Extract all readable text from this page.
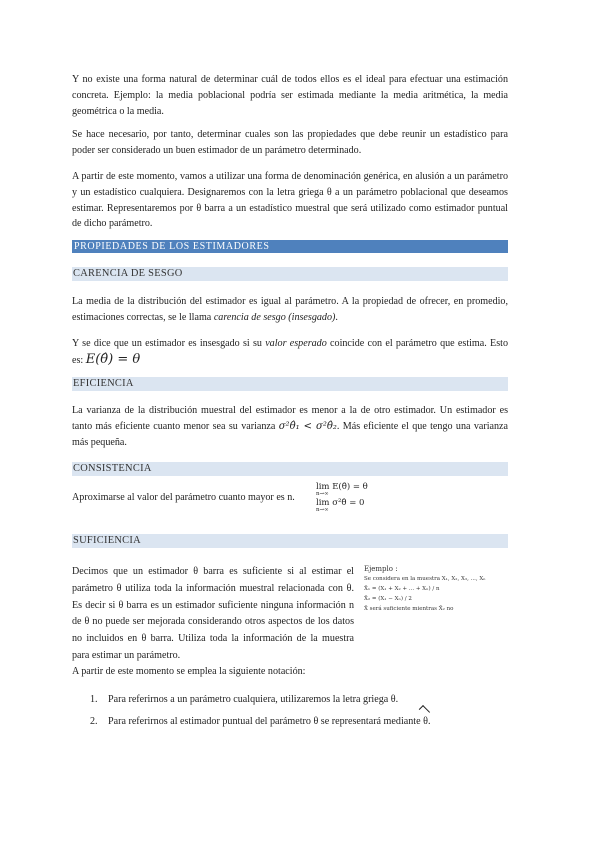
Y no existe una forma natural de determinar cuál de todos ellos es el ideal para efectuar una estimación concreta. Ejemplo: la media poblacional podría ser estimada mediante la media aritmética, la media geométrica o la media.

Se hace necesario, por tanto, determinar cuales son las propiedades que debe reunir un estadístico para poder ser considerado un buen estimador de un parámetro determinado.

A partir de este momento, vamos a utilizar una forma de denominación genérica, en alusión a un parámetro y un estadístico cualquiera. Designaremos con la letra griega θ a un parámetro poblacional que deseamos estimar. Representaremos por θ barra a un estadístico muestral que será utilizado como estimador puntual de dicho parámetro.

PROPIEDADES DE LOS ESTIMADORES
CARENCIA DE SESGO

La media de la distribución del estimador es igual al parámetro. A la propiedad de ofrecer, en promedio, estimaciones correctas, se le llama carencia de sesgo (insesgado).

Y se dice que un estimador es insesgado si su valor esperado coincide con el parámetro que estima. Esto es: E(θ̂) = θ

EFICIENCIA

La varianza de la distribución muestral del estimador es menor a la de otro estimador. Un estimador es tanto más eficiente cuanto menor sea su varianza σ²θ̂₁ < σ²θ̂₂. Más eficiente el que tengo una varianza más pequeña.

CONSISTENCIA

Aproximarse al valor del parámetro cuanto mayor es n.

lim E(θ̂) = θ
n→∞
lim σ²θ̂ = 0
n→∞
SUFICIENCIA

Decimos que un estimador θ barra es suficiente si al estimar el parámetro θ utiliza toda la información muestral relacionada con θ. Es decir si θ barra es un estimador suficiente ninguna información n de θ no puede ser mejorada considerando otros aspectos de los datos no incluidos en θ barra. Utiliza toda la información de la muestra para estimar un parámetro.

Ejemplo :
Se considera en la muestra X₁, X₂, X₃, ..., Xₙ
X̄₁ = (X₁ + X₂ + ... + Xₙ) / n
X̄₂ = (X₁ − Xₙ) / 2
X̄ será suficiente mientras X̄₂ no

A partir de este momento se emplea la siguiente notación:

1. Para referirnos a un parámetro cualquiera, utilizaremos la letra griega θ.
2. Para referirnos al estimador puntual del parámetro θ se representará mediante θ.
